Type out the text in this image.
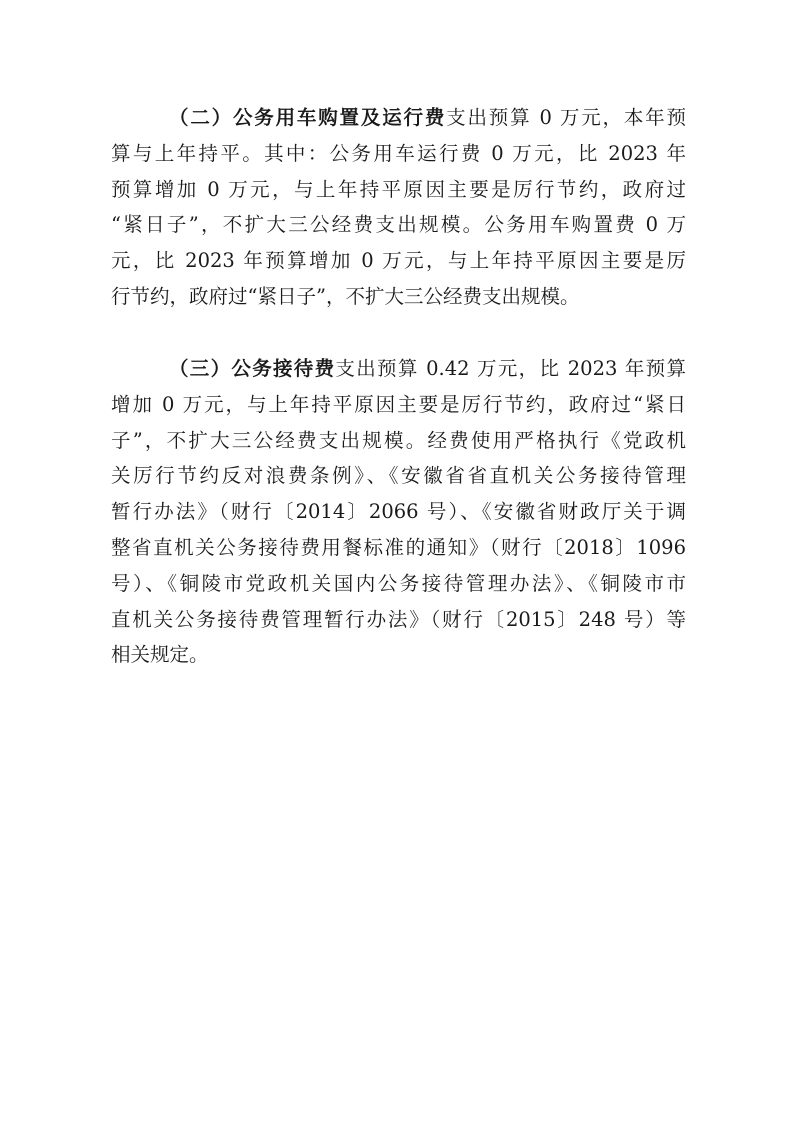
（二）公务用车购置及运行费支出预算 0 万元，本年预
算与上年持平。其中：公务用车运行费 0 万元，比 2023 年
预算增加 0 万元，与上年持平原因主要是厉行节约，政府过
“紧日子”，不扩大三公经费支出规模。公务用车购置费 0 万
元，比 2023 年预算增加 0 万元，与上年持平原因主要是厉
行节约，政府过“紧日子”，不扩大三公经费支出规模。
（三）公务接待费支出预算 0.42 万元，比 2023 年预算
增加 0 万元，与上年持平原因主要是厉行节约，政府过“紧日
子”，不扩大三公经费支出规模。经费使用严格执行《党政机
关厉行节约反对浪费条例》、《安徽省省直机关公务接待管理
暂行办法》（财行〔2014〕2066 号）、《安徽省财政厅关于调
整省直机关公务接待费用餐标准的通知》（财行〔2018〕1096
号）、《铜陵市党政机关国内公务接待管理办法》、《铜陵市市
直机关公务接待费管理暂行办法》（财行〔2015〕248 号）等
相关规定。
